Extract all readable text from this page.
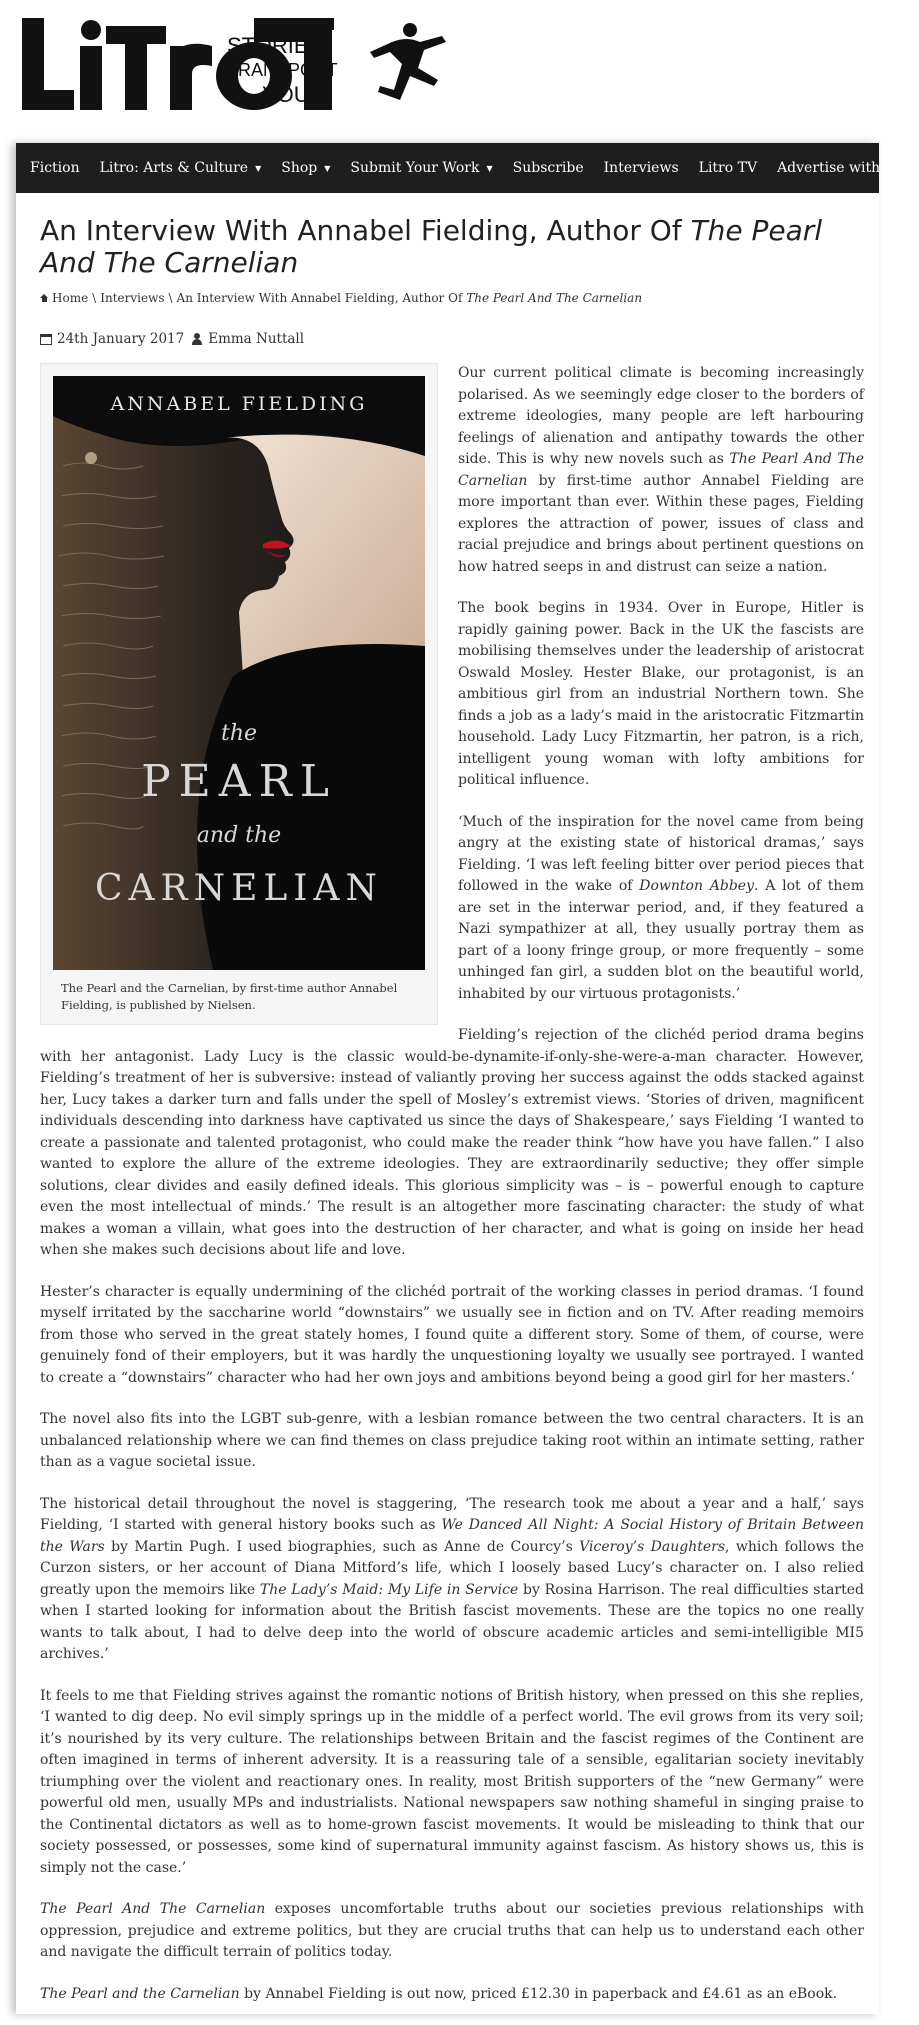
STORIES
TRANSPORT
YOU
Fiction Litro: Arts & Culture ▼ Shop ▼ Submit Your Work ▼ Subscribe Interviews Litro TV Advertise with Litro
An Interview With Annabel Fielding, Author Of The Pearl And The Carnelian
Home \ Interviews \ An Interview With Annabel Fielding, Author Of The Pearl And The Carnelian
24th January 2017 Emma Nuttall
ANNABEL FIELDING
the
PEARL
and the
CARNELIAN
The Pearl and the Carnelian, by first-time author Annabel Fielding, is published by Nielsen.

Our current political climate is becoming increasingly polarised. As we seemingly edge closer to the borders of extreme ideologies, many people are left harbouring feelings of alienation and antipathy towards the other side. This is why new novels such as The Pearl And The Carnelian by first-time author Annabel Fielding are more important than ever. Within these pages, Fielding explores the attraction of power, issues of class and racial prejudice and brings about pertinent questions on how hatred seeps in and distrust can seize a nation.

The book begins in 1934. Over in Europe, Hitler is rapidly gaining power. Back in the UK the fascists are mobilising themselves under the leadership of aristocrat Oswald Mosley. Hester Blake, our protagonist, is an ambitious girl from an industrial Northern town. She finds a job as a lady’s maid in the aristocratic Fitzmartin household. Lady Lucy Fitzmartin, her patron, is a rich, intelligent young woman with lofty ambitions for political influence.

‘Much of the inspiration for the novel came from being angry at the existing state of historical dramas,’ says Fielding. ‘I was left feeling bitter over period pieces that followed in the wake of Downton Abbey. A lot of them are set in the interwar period, and, if they featured a Nazi sympathizer at all, they usually portray them as part of a loony fringe group, or more frequently – some unhinged fan girl, a sudden blot on the beautiful world, inhabited by our virtuous protagonists.’

Fielding’s rejection of the clichéd period drama begins with her antagonist. Lady Lucy is the classic would-be-dynamite-if-only-she-were-a-man character. However, Fielding’s treatment of her is subversive: instead of valiantly proving her success against the odds stacked against her, Lucy takes a darker turn and falls under the spell of Mosley’s extremist views. ‘Stories of driven, magnificent individuals descending into darkness have captivated us since the days of Shakespeare,’ says Fielding ‘I wanted to create a passionate and talented protagonist, who could make the reader think “how have you have fallen.” I also wanted to explore the allure of the extreme ideologies. They are extraordinarily seductive; they offer simple solutions, clear divides and easily defined ideals. This glorious simplicity was – is – powerful enough to capture even the most intellectual of minds.’ The result is an altogether more fascinating character: the study of what makes a woman a villain, what goes into the destruction of her character, and what is going on inside her head when she makes such decisions about life and love.

Hester’s character is equally undermining of the clichéd portrait of the working classes in period dramas. ‘I found myself irritated by the saccharine world “downstairs” we usually see in fiction and on TV. After reading memoirs from those who served in the great stately homes, I found quite a different story. Some of them, of course, were genuinely fond of their employers, but it was hardly the unquestioning loyalty we usually see portrayed. I wanted to create a “downstairs” character who had her own joys and ambitions beyond being a good girl for her masters.’

The novel also fits into the LGBT sub-genre, with a lesbian romance between the two central characters. It is an unbalanced relationship where we can find themes on class prejudice taking root within an intimate setting, rather than as a vague societal issue.

The historical detail throughout the novel is staggering, ‘The research took me about a year and a half,’ says Fielding, ‘I started with general history books such as We Danced All Night: A Social History of Britain Between the Wars by Martin Pugh. I used biographies, such as Anne de Courcy’s Viceroy’s Daughters, which follows the Curzon sisters, or her account of Diana Mitford’s life, which I loosely based Lucy’s character on. I also relied greatly upon the memoirs like The Lady’s Maid: My Life in Service by Rosina Harrison. The real difficulties started when I started looking for information about the British fascist movements. These are the topics no one really wants to talk about, I had to delve deep into the world of obscure academic articles and semi-intelligible MI5 archives.’

It feels to me that Fielding strives against the romantic notions of British history, when pressed on this she replies, ‘I wanted to dig deep. No evil simply springs up in the middle of a perfect world. The evil grows from its very soil; it’s nourished by its very culture. The relationships between Britain and the fascist regimes of the Continent are often imagined in terms of inherent adversity. It is a reassuring tale of a sensible, egalitarian society inevitably triumphing over the violent and reactionary ones. In reality, most British supporters of the “new Germany” were powerful old men, usually MPs and industrialists. National newspapers saw nothing shameful in singing praise to the Continental dictators as well as to home-grown fascist movements. It would be misleading to think that our society possessed, or possesses, some kind of supernatural immunity against fascism. As history shows us, this is simply not the case.’

The Pearl And The Carnelian exposes uncomfortable truths about our societies previous relationships with oppression, prejudice and extreme politics, but they are crucial truths that can help us to understand each other and navigate the difficult terrain of politics today.

The Pearl and the Carnelian by Annabel Fielding is out now, priced £12.30 in paperback and £4.61 as an eBook.
